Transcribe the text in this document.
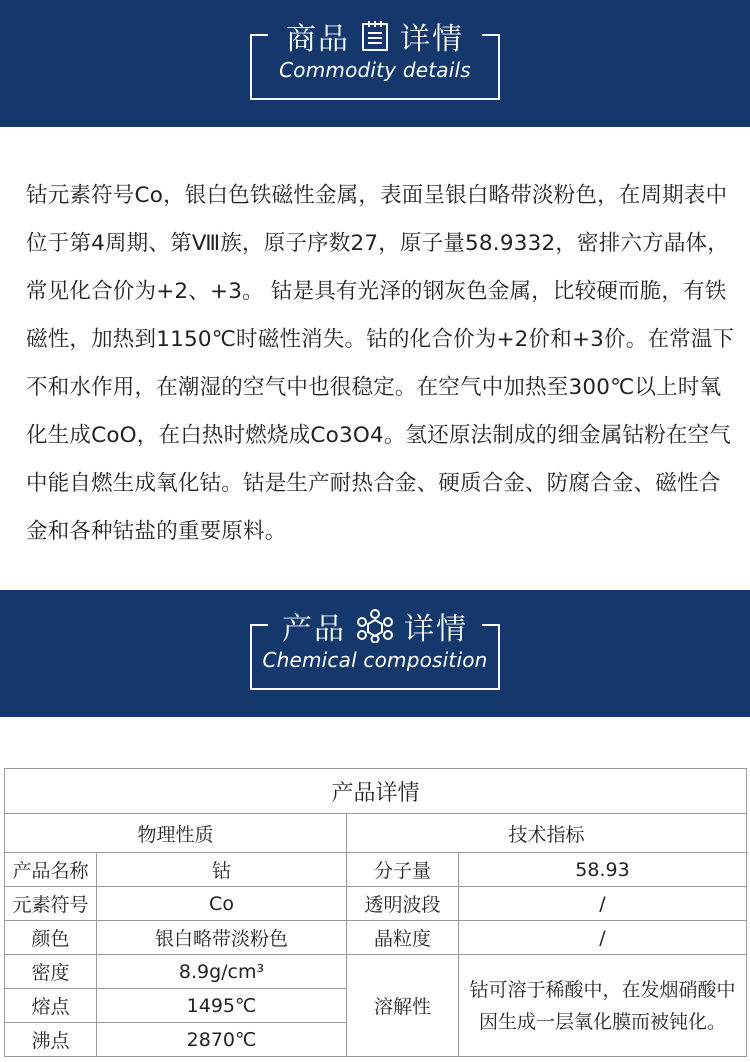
商品 详情
Commodity details

钴元素符号Co，银白色铁磁性金属，表面呈银白略带淡粉色，在周期表中位于第4周期、第Ⅷ族，原子序数27，原子量58.9332，密排六方晶体，常见化合价为+2、+3。 钴是具有光泽的钢灰色金属，比较硬而脆，有铁磁性，加热到1150℃时磁性消失。钴的化合价为+2价和+3价。在常温下不和水作用，在潮湿的空气中也很稳定。在空气中加热至300℃以上时氧化生成CoO，在白热时燃烧成Co3O4。氢还原法制成的细金属钴粉在空气中能自燃生成氧化钴。钴是生产耐热合金、硬质合金、防腐合金、磁性合金和各种钴盐的重要原料。

产品 详情
Chemical composition
产品详情			
物理性质		技术指标	
产品名称	钴	分子量	58.93
元素符号	Co	透明波段	/
颜色	银白略带淡粉色	晶粒度	/
密度	8.9g/cm³	溶解性	钴可溶于稀酸中，在发烟硝酸中因生成一层氧化膜而被钝化。
熔点	1495℃		
沸点	2870℃		
